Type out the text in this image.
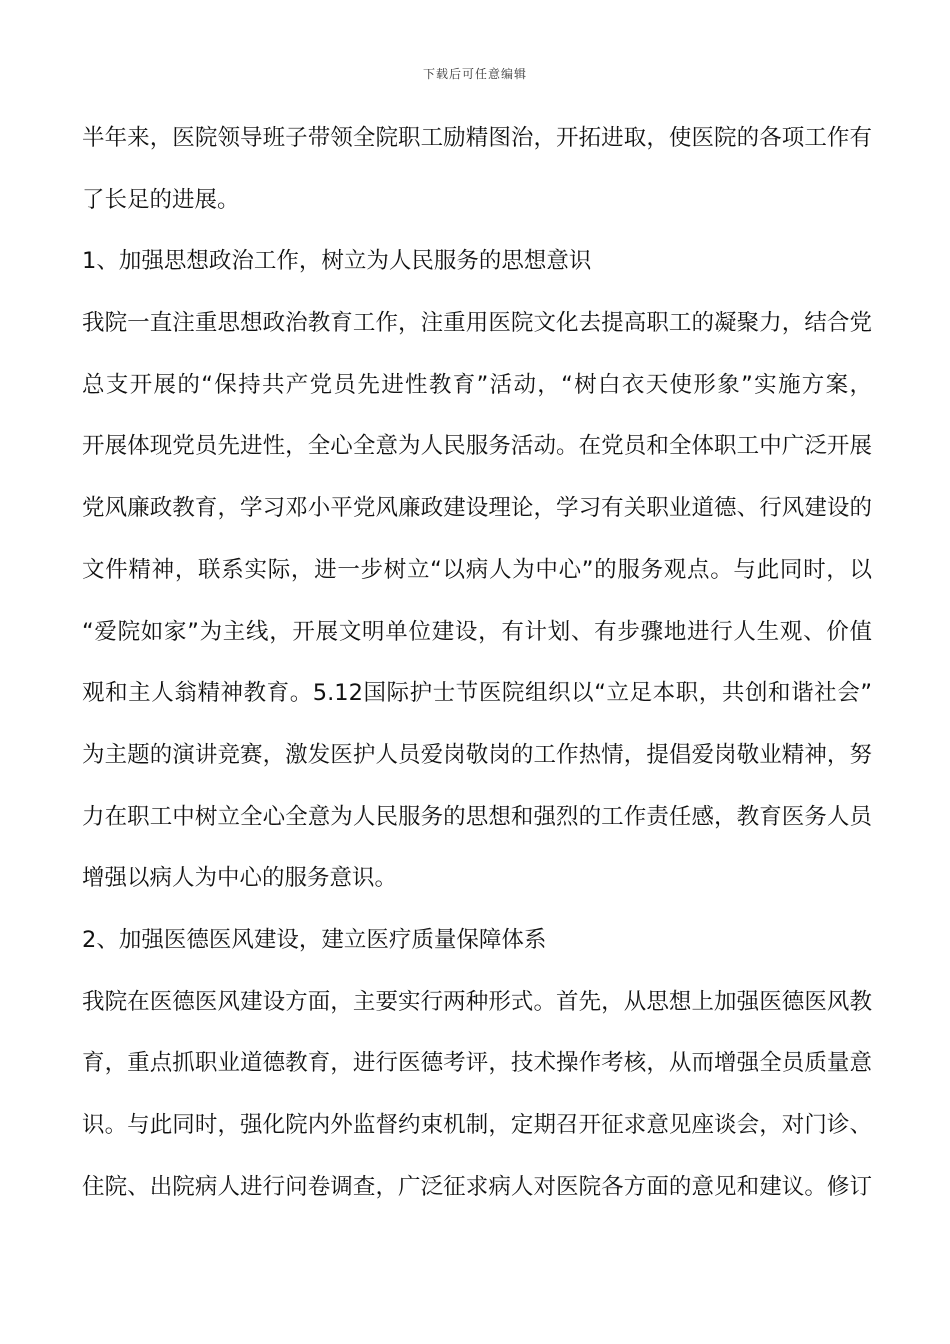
下载后可任意编辑
半年来，医院领导班子带领全院职工励精图治，开拓进取，使医院的各项工作有
了长足的进展。
1、加强思想政治工作，树立为人民服务的思想意识
我院一直注重思想政治教育工作，注重用医院文化去提高职工的凝聚力，结合党
总支开展的“保持共产党员先进性教育”活动，“树白衣天使形象”实施方案，
开展体现党员先进性，全心全意为人民服务活动。在党员和全体职工中广泛开展
党风廉政教育，学习邓小平党风廉政建设理论，学习有关职业道德、行风建设的
文件精神，联系实际，进一步树立“以病人为中心”的服务观点。与此同时，以
“爱院如家”为主线，开展文明单位建设，有计划、有步骤地进行人生观、价值
观和主人翁精神教育。5.12国际护士节医院组织以“立足本职，共创和谐社会”
为主题的演讲竞赛，激发医护人员爱岗敬岗的工作热情，提倡爱岗敬业精神，努
力在职工中树立全心全意为人民服务的思想和强烈的工作责任感，教育医务人员
增强以病人为中心的服务意识。
2、加强医德医风建设，建立医疗质量保障体系
我院在医德医风建设方面，主要实行两种形式。首先，从思想上加强医德医风教
育，重点抓职业道德教育，进行医德考评，技术操作考核，从而增强全员质量意
识。与此同时，强化院内外监督约束机制，定期召开征求意见座谈会，对门诊、
住院、出院病人进行问卷调查，广泛征求病人对医院各方面的意见和建议。修订
